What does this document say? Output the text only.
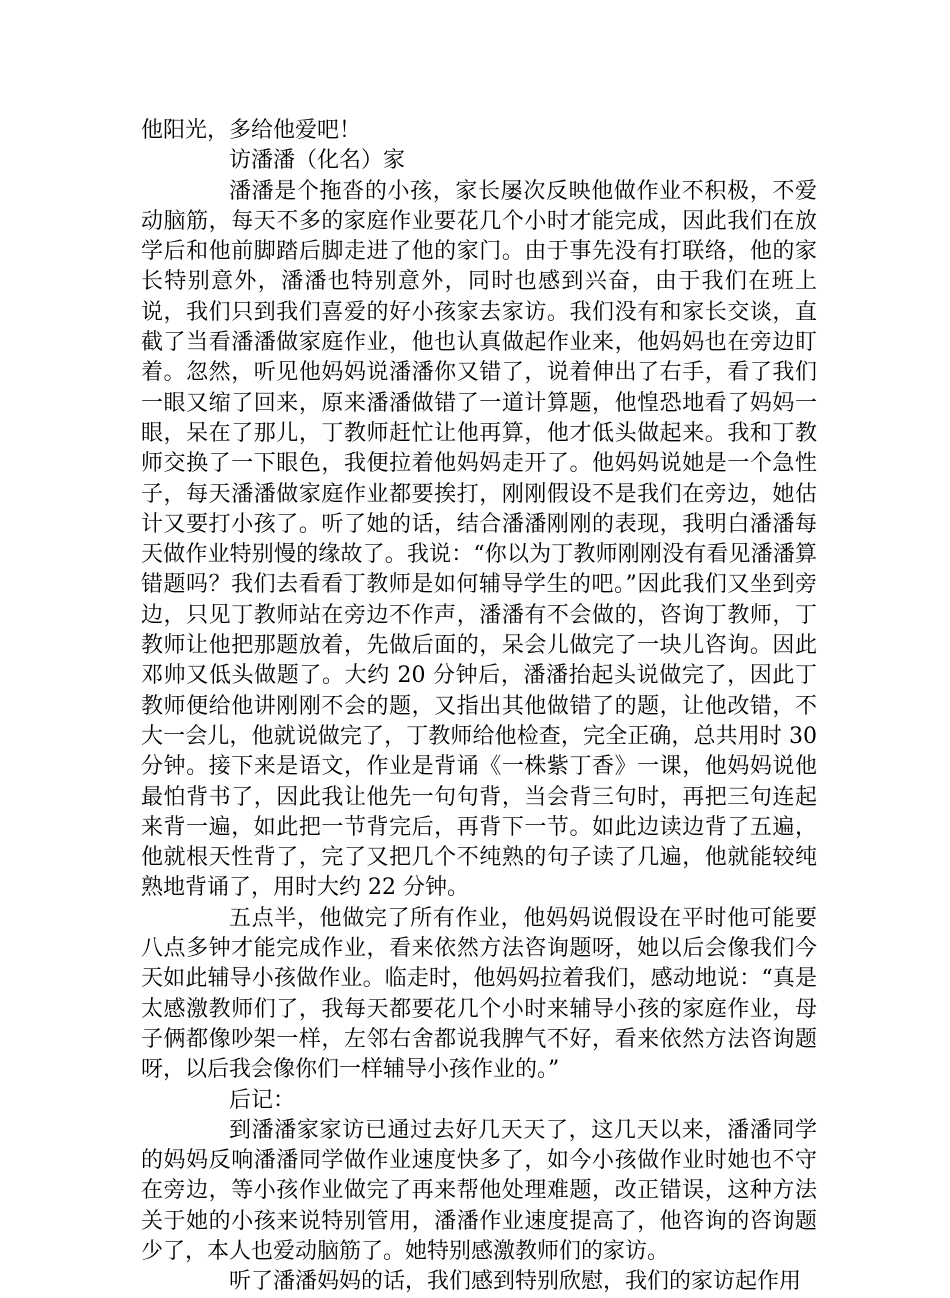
他阳光，多给他爱吧！

访潘潘（化名）家

潘潘是个拖沓的小孩，家长屡次反映他做作业不积极，不爱动脑筋，每天不多的家庭作业要花几个小时才能完成，因此我们在放学后和他前脚踏后脚走进了他的家门。由于事先没有打联络，他的家长特别意外，潘潘也特别意外，同时也感到兴奋，由于我们在班上说，我们只到我们喜爱的好小孩家去家访。我们没有和家长交谈，直截了当看潘潘做家庭作业，他也认真做起作业来，他妈妈也在旁边盯着。忽然，听见他妈妈说潘潘你又错了，说着伸出了右手，看了我们一眼又缩了回来，原来潘潘做错了一道计算题，他惶恐地看了妈妈一眼，呆在了那儿，丁教师赶忙让他再算，他才低头做起来。我和丁教师交换了一下眼色，我便拉着他妈妈走开了。他妈妈说她是一个急性子，每天潘潘做家庭作业都要挨打，刚刚假设不是我们在旁边，她估计又要打小孩了。听了她的话，结合潘潘刚刚的表现，我明白潘潘每天做作业特别慢的缘故了。我说：“你以为丁教师刚刚没有看见潘潘算错题吗？我们去看看丁教师是如何辅导学生的吧。”因此我们又坐到旁边，只见丁教师站在旁边不作声，潘潘有不会做的，咨询丁教师，丁教师让他把那题放着，先做后面的，呆会儿做完了一块儿咨询。因此邓帅又低头做题了。大约 20 分钟后，潘潘抬起头说做完了，因此丁教师便给他讲刚刚不会的题，又指出其他做错了的题，让他改错，不大一会儿，他就说做完了，丁教师给他检查，完全正确，总共用时 30 分钟。接下来是语文，作业是背诵《一株紫丁香》一课，他妈妈说他最怕背书了，因此我让他先一句句背，当会背三句时，再把三句连起来背一遍，如此把一节背完后，再背下一节。如此边读边背了五遍，他就根天性背了，完了又把几个不纯熟的句子读了几遍，他就能较纯熟地背诵了，用时大约 22 分钟。

五点半，他做完了所有作业，他妈妈说假设在平时他可能要八点多钟才能完成作业，看来依然方法咨询题呀，她以后会像我们今天如此辅导小孩做作业。临走时，他妈妈拉着我们，感动地说：“真是太感激教师们了，我每天都要花几个小时来辅导小孩的家庭作业，母子俩都像吵架一样，左邻右舍都说我脾气不好，看来依然方法咨询题呀，以后我会像你们一样辅导小孩作业的。”

后记：

到潘潘家家访已通过去好几天天了，这几天以来，潘潘同学的妈妈反响潘潘同学做作业速度快多了，如今小孩做作业时她也不守在旁边，等小孩作业做完了再来帮他处理难题，改正错误，这种方法关于她的小孩来说特别管用，潘潘作业速度提高了，他咨询的咨询题少了，本人也爱动脑筋了。她特别感激教师们的家访。

听了潘潘妈妈的话，我们感到特别欣慰，我们的家访起作用
